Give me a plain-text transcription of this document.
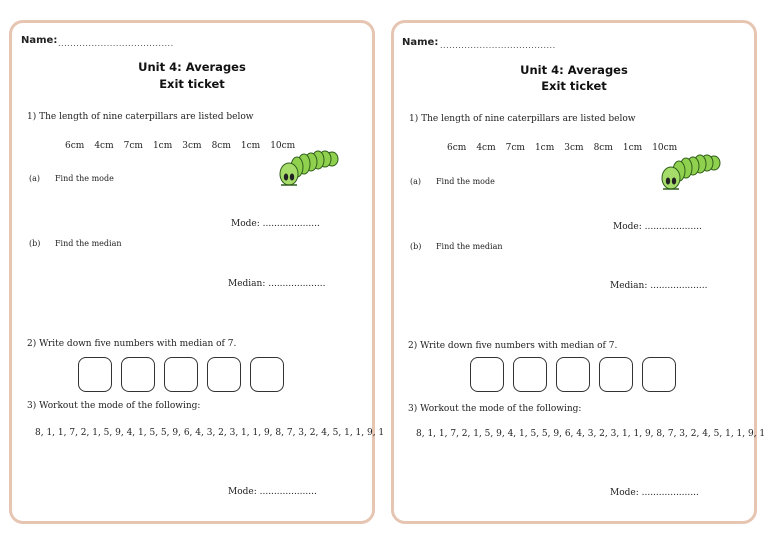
Name: ......................................
Unit 4: Averages
Exit ticket
1) The length of nine caterpillars are listed below
6cm 4cm 7cm 1cm 3cm 8cm 1cm 10cm
(a) Find the mode
Mode: ....................
(b) Find the median
Median: ....................
2) Write down five numbers with median of 7.
3) Workout the mode of the following:
8, 1, 1, 7, 2, 1, 5, 9, 4, 1, 5, 5, 9, 6, 4, 3, 2, 3, 1, 1, 9, 8, 7, 3, 2, 4, 5, 1, 1, 9, 1
Mode: ....................
Name: ......................................
Unit 4: Averages
Exit ticket
1) The length of nine caterpillars are listed below
6cm 4cm 7cm 1cm 3cm 8cm 1cm 10cm
(a) Find the mode
Mode: ....................
(b) Find the median
Median: ....................
2) Write down five numbers with median of 7.
3) Workout the mode of the following:
8, 1, 1, 7, 2, 1, 5, 9, 4, 1, 5, 5, 9, 6, 4, 3, 2, 3, 1, 1, 9, 8, 7, 3, 2, 4, 5, 1, 1, 9, 1
Mode: ....................
